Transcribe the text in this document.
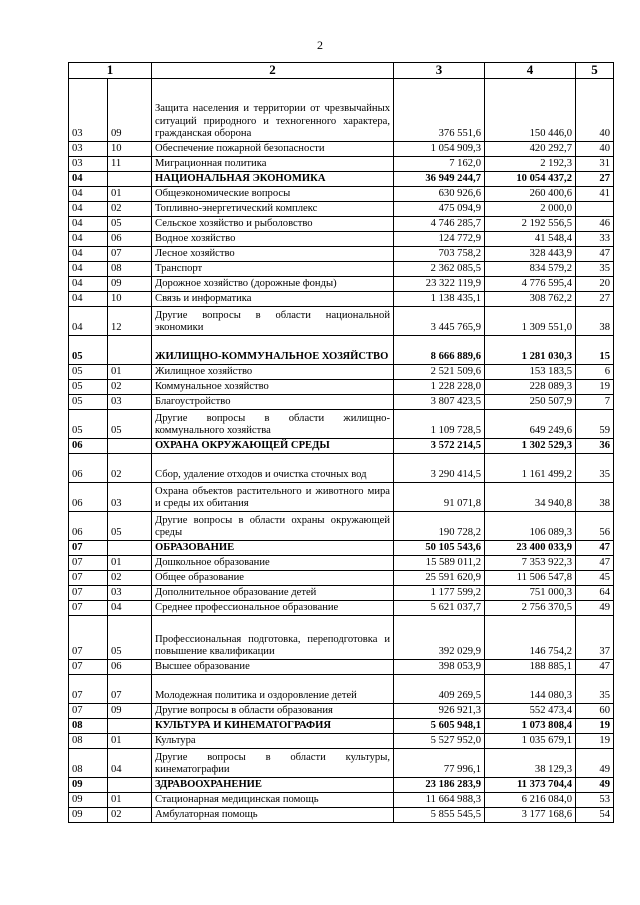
2
1		2	3	4	5
03	09	Защита населения и территории от чрезвычайных ситуаций природного и техногенного характера, гражданская оборона	376 551,6	150 446,0	40
03	10	Обеспечение пожарной безопасности	1 054 909,3	420 292,7	40
03	11	Миграционная политика	7 162,0	2 192,3	31
04		НАЦИОНАЛЬНАЯ ЭКОНОМИКА	36 949 244,7	10 054 437,2	27
04	01	Общеэкономические вопросы	630 926,6	260 400,6	41
04	02	Топливно-энергетический комплекс	475 094,9	2 000,0	
04	05	Сельское хозяйство и рыболовство	4 746 285,7	2 192 556,5	46
04	06	Водное хозяйство	124 772,9	41 548,4	33
04	07	Лесное хозяйство	703 758,2	328 443,9	47
04	08	Транспорт	2 362 085,5	834 579,2	35
04	09	Дорожное хозяйство (дорожные фонды)	23 322 119,9	4 776 595,4	20
04	10	Связь и информатика	1 138 435,1	308 762,2	27
04	12	Другие вопросы в области национальной экономики	3 445 765,9	1 309 551,0	38
05		ЖИЛИЩНО-КОММУНАЛЬНОЕ ХОЗЯЙСТВО	8 666 889,6	1 281 030,3	15
05	01	Жилищное хозяйство	2 521 509,6	153 183,5	6
05	02	Коммунальное хозяйство	1 228 228,0	228 089,3	19
05	03	Благоустройство	3 807 423,5	250 507,9	7
05	05	Другие вопросы в области жилищно-коммунального хозяйства	1 109 728,5	649 249,6	59
06		ОХРАНА ОКРУЖАЮЩЕЙ СРЕДЫ	3 572 214,5	1 302 529,3	36
06	02	Сбор, удаление отходов и очистка сточных вод	3 290 414,5	1 161 499,2	35
06	03	Охрана объектов растительного и животного мира и среды их обитания	91 071,8	34 940,8	38
06	05	Другие вопросы в области охраны окружающей среды	190 728,2	106 089,3	56
07		ОБРАЗОВАНИЕ	50 105 543,6	23 400 033,9	47
07	01	Дошкольное образование	15 589 011,2	7 353 922,3	47
07	02	Общее образование	25 591 620,9	11 506 547,8	45
07	03	Дополнительное образование детей	1 177 599,2	751 000,3	64
07	04	Среднее профессиональное образование	5 621 037,7	2 756 370,5	49
07	05	Профессиональная подготовка, переподготовка и повышение квалификации	392 029,9	146 754,2	37
07	06	Высшее образование	398 053,9	188 885,1	47
07	07	Молодежная политика и оздоровление детей	409 269,5	144 080,3	35
07	09	Другие вопросы в области образования	926 921,3	552 473,4	60
08		КУЛЬТУРА И КИНЕМАТОГРАФИЯ	5 605 948,1	1 073 808,4	19
08	01	Культура	5 527 952,0	1 035 679,1	19
08	04	Другие вопросы в области культуры, кинематографии	77 996,1	38 129,3	49
09		ЗДРАВООХРАНЕНИЕ	23 186 283,9	11 373 704,4	49
09	01	Стационарная медицинская помощь	11 664 988,3	6 216 084,0	53
09	02	Амбулаторная помощь	5 855 545,5	3 177 168,6	54
